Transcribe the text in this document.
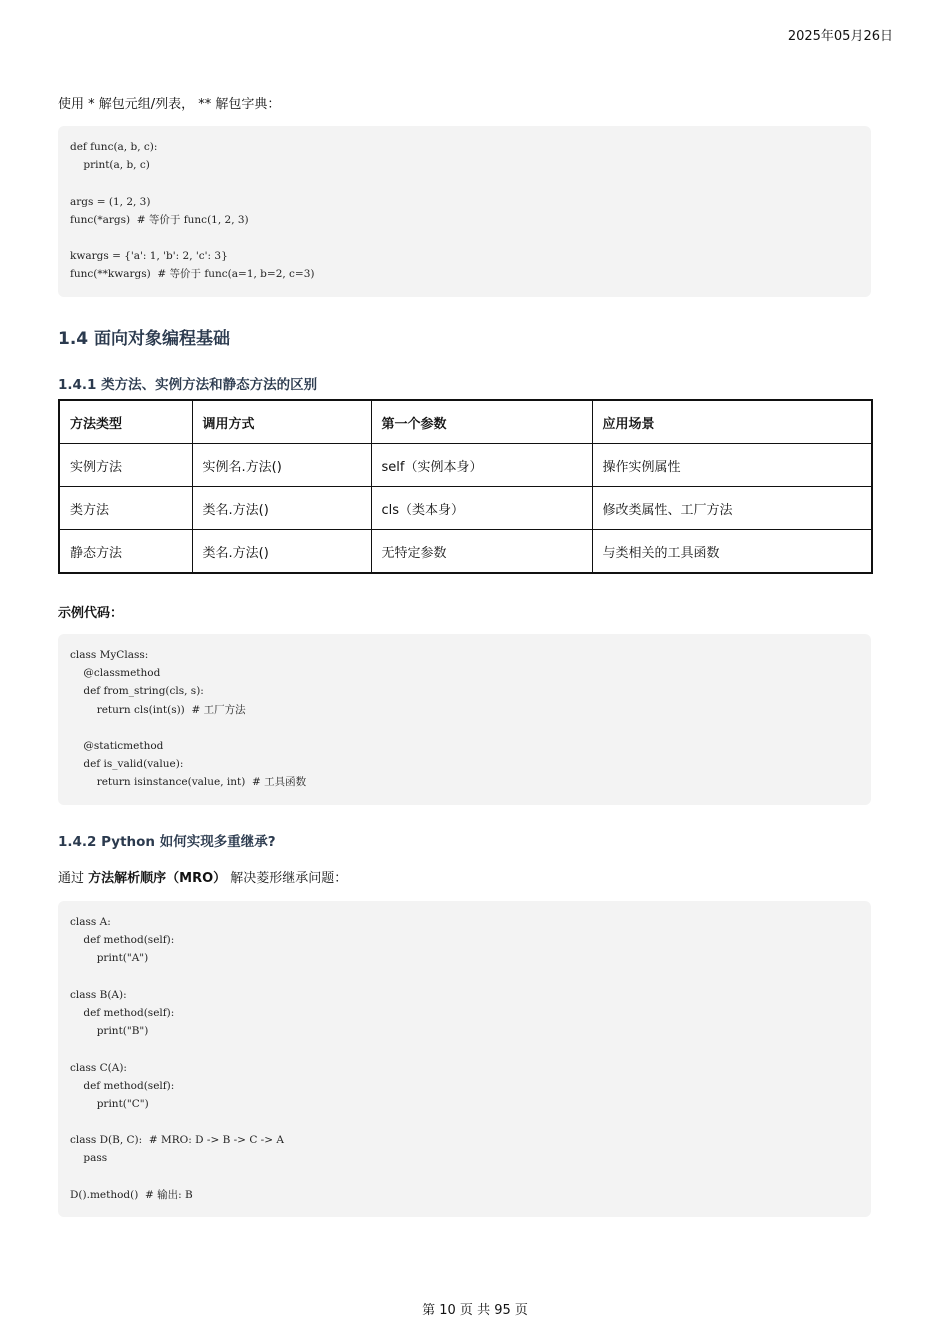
2025年05月26日
使用 * 解包元组/列表， ** 解包字典：
def func(a, b, c):
print(a, b, c)
args = (1, 2, 3)
func(*args)  # 等价于 func(1, 2, 3)
kwargs = {'a': 1, 'b': 2, 'c': 3}
func(**kwargs)  # 等价于 func(a=1, b=2, c=3)
1.4 面向对象编程基础
1.4.1 类方法、实例方法和静态方法的区别
方法类型	调用方式	第一个参数	应用场景
实例方法	实例名.方法()	self（实例本身）	操作实例属性
类方法	类名.方法()	cls（类本身）	修改类属性、工厂方法
静态方法	类名.方法()	无特定参数	与类相关的工具函数
示例代码：
class MyClass:
@classmethod
def from_string(cls, s):
return cls(int(s))  # 工厂方法
@staticmethod
def is_valid(value):
return isinstance(value, int)  # 工具函数
1.4.2 Python 如何实现多重继承?
通过 方法解析顺序（MRO） 解决菱形继承问题：
class A:
def method(self):
print("A")
class B(A):
def method(self):
print("B")
class C(A):
def method(self):
print("C")
class D(B, C):  # MRO: D -> B -> C -> A
pass
D().method()  # 输出: B
第 10 页 共 95 页
